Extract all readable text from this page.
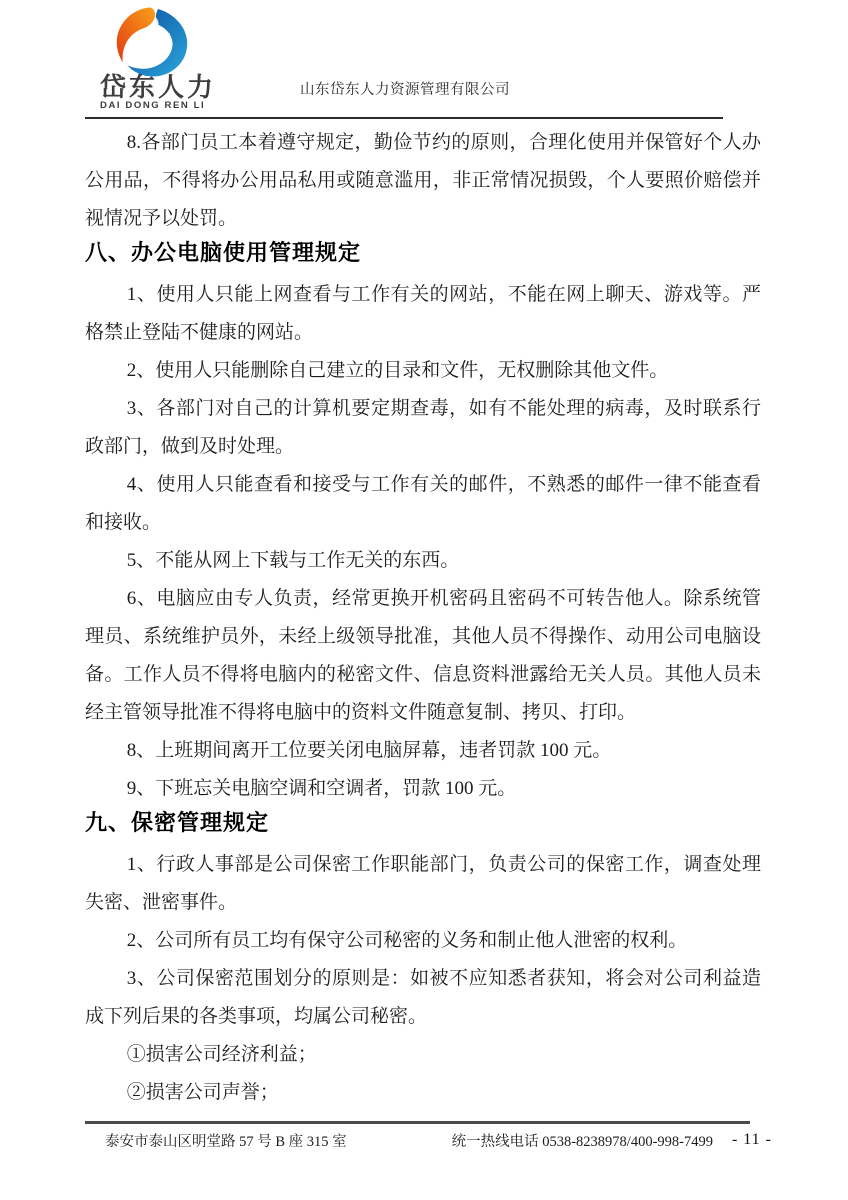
岱东人力
DAI DONG REN LI
山东岱东人力资源管理有限公司

8.各部门员工本着遵守规定，勤俭节约的原则，合理化使用并保管好个人办公用品，不得将办公用品私用或随意滥用，非正常情况损毁，个人要照价赔偿并视情况予以处罚。

八、办公电脑使用管理规定

1、使用人只能上网查看与工作有关的网站，不能在网上聊天、游戏等。严格禁止登陆不健康的网站。

2、使用人只能删除自己建立的目录和文件，无权删除其他文件。

3、各部门对自己的计算机要定期查毒，如有不能处理的病毒，及时联系行政部门，做到及时处理。

4、使用人只能查看和接受与工作有关的邮件，不熟悉的邮件一律不能查看和接收。

5、不能从网上下载与工作无关的东西。

6、电脑应由专人负责，经常更换开机密码且密码不可转告他人。除系统管理员、系统维护员外，未经上级领导批准，其他人员不得操作、动用公司电脑设备。工作人员不得将电脑内的秘密文件、信息资料泄露给无关人员。其他人员未经主管领导批准不得将电脑中的资料文件随意复制、拷贝、打印。

8、上班期间离开工位要关闭电脑屏幕，违者罚款 100 元。

9、下班忘关电脑空调和空调者，罚款 100 元。

九、保密管理规定

1、行政人事部是公司保密工作职能部门，负责公司的保密工作，调查处理失密、泄密事件。

2、公司所有员工均有保守公司秘密的义务和制止他人泄密的权利。

3、公司保密范围划分的原则是：如被不应知悉者获知，将会对公司利益造成下列后果的各类事项，均属公司秘密。

①损害公司经济利益；

②损害公司声誉；

泰安市泰山区明堂路 57 号 B 座 315 室	统一热线电话 0538-8238978/400-998-7499 - 11 -
